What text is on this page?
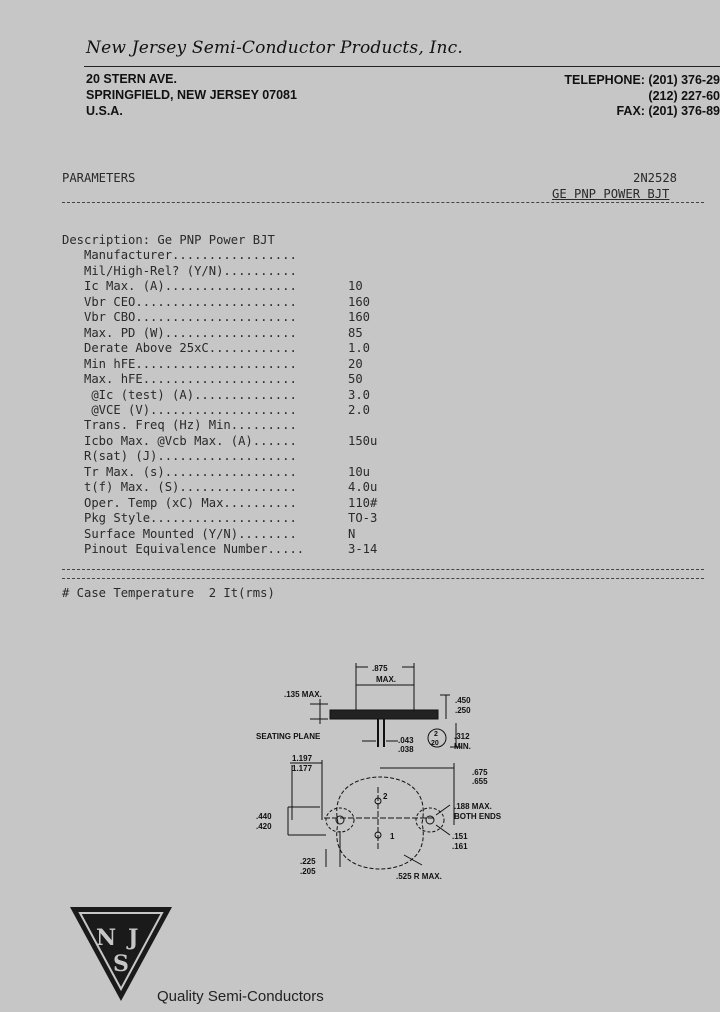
New Jersey Semi-Conductor Products, Inc.
20 STERN AVE.
SPRINGFIELD, NEW JERSEY 07081
U.S.A.
TELEPHONE: (201) 376-29
(212) 227-60
FAX: (201) 376-89
PARAMETERS	2N2528
GE PNP POWER BJT
Description: Ge PNP Power BJT
Manufacturer.................
Mil/High-Rel? (Y/N)..........
Ic Max. (A)..................	10
Vbr CEO......................	160
Vbr CBO......................	160
Max. PD (W)..................	85
Derate Above 25xC............	1.0
Min hFE......................	20
Max. hFE.....................	50
@Ic (test) (A)..............	3.0
@VCE (V)....................	2.0
Trans. Freq (Hz) Min.........
Icbo Max. @Vcb Max. (A)......	150u
R(sat) (J)...................
Tr Max. (s)..................	10u
t(f) Max. (S)................	4.0u
Oper. Temp (xC) Max..........	110#
Pkg Style....................	TO-3
Surface Mounted (Y/N)........	N
Pinout Equivalence Number.....	3-14
# Case Temperature  2 It(rms)
.875
MAX.
.135 MAX.
.450
.250
SEATING PLANE	.043
.038
2
20
.312
MIN.
1.197
1.177	.675
.655
.440
.420
.188 MAX.
BOTH ENDS
.151
.161
.225
.205
.525 R MAX.
1
2
N J
S
Quality Semi-Conductors
